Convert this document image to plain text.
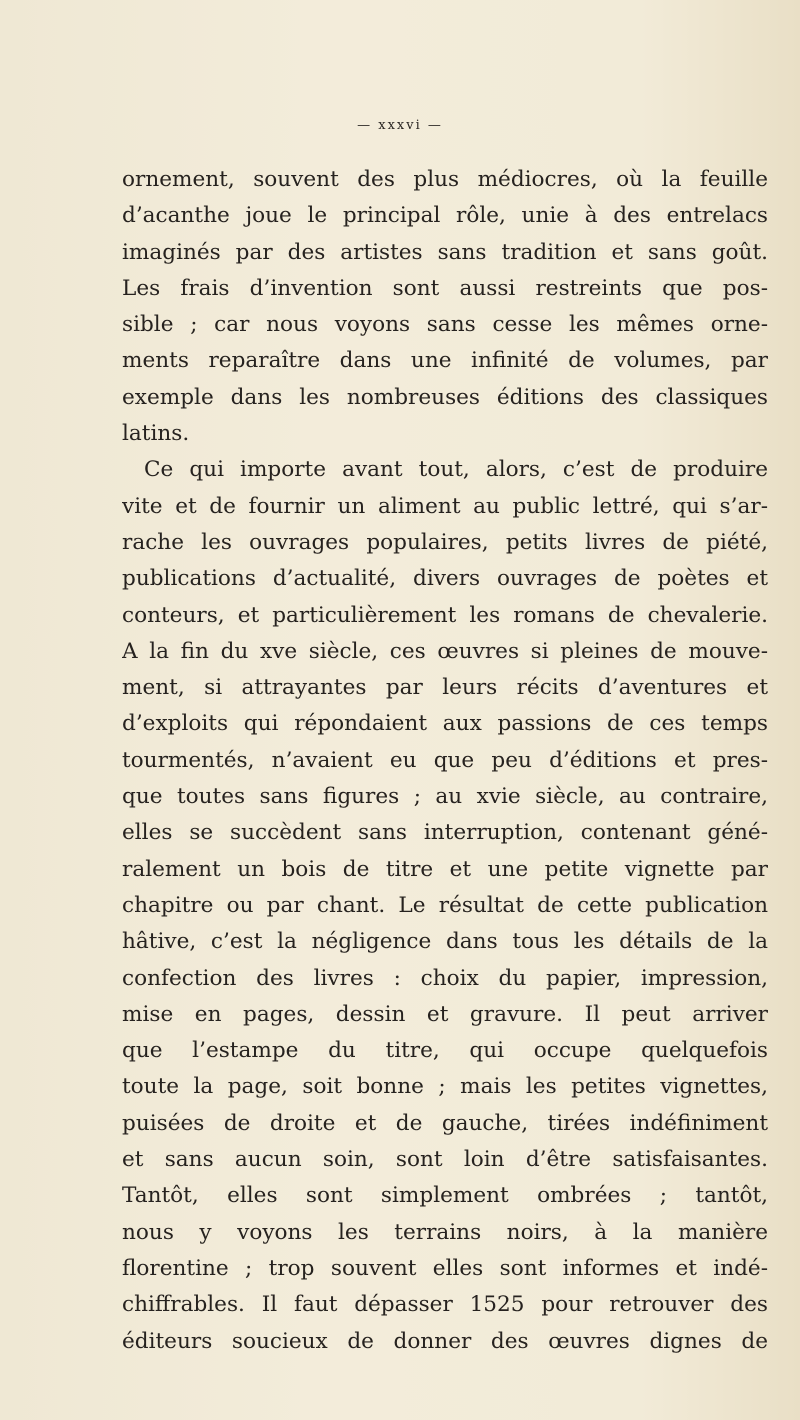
— xxxvi —
ornement, souvent des plus médiocres, où la feuille
d’acanthe joue le principal rôle, unie à des entrelacs
imaginés par des artistes sans tradition et sans goût.
Les frais d’invention sont aussi restreints que pos-
sible ; car nous voyons sans cesse les mêmes orne-
ments reparaître dans une infinité de volumes, par
exemple dans les nombreuses éditions des classiques
latins.
Ce qui importe avant tout, alors, c’est de produire
vite et de fournir un aliment au public lettré, qui s’ar-
rache les ouvrages populaires, petits livres de piété,
publications d’actualité, divers ouvrages de poètes et
conteurs, et particulièrement les romans de chevalerie.
A la fin du xve siècle, ces œuvres si pleines de mouve-
ment, si attrayantes par leurs récits d’aventures et
d’exploits qui répondaient aux passions de ces temps
tourmentés, n’avaient eu que peu d’éditions et pres-
que toutes sans figures ; au xvie siècle, au contraire,
elles se succèdent sans interruption, contenant géné-
ralement un bois de titre et une petite vignette par
chapitre ou par chant. Le résultat de cette publication
hâtive, c’est la négligence dans tous les détails de la
confection des livres : choix du papier, impression,
mise en pages, dessin et gravure. Il peut arriver
que l’estampe du titre, qui occupe quelquefois
toute la page, soit bonne ; mais les petites vignettes,
puisées de droite et de gauche, tirées indéfiniment
et sans aucun soin, sont loin d’être satisfaisantes.
Tantôt, elles sont simplement ombrées ; tantôt,
nous y voyons les terrains noirs, à la manière
florentine ; trop souvent elles sont informes et indé-
chiffrables. Il faut dépasser 1525 pour retrouver des
éditeurs soucieux de donner des œuvres dignes de
